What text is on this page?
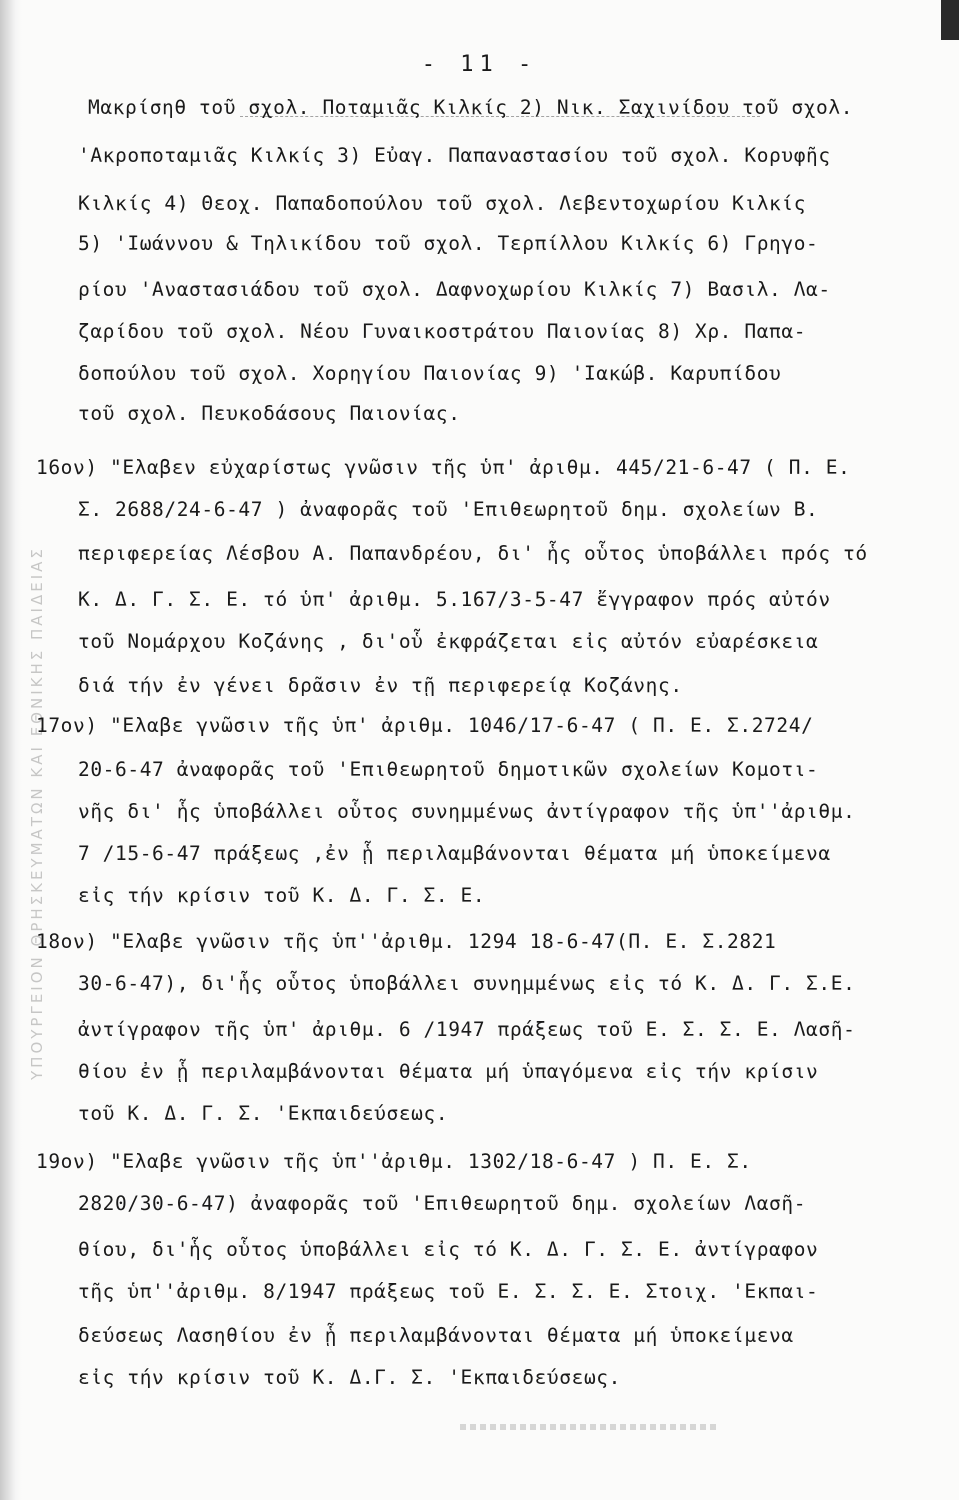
ΥΠΟΥΡΓΕΙΟΝ ΘΡΗΣΚΕΥΜΑΤΩΝ ΚΑΙ ΕΘΝΙΚΗΣ ΠΑΙΔΕΙΑΣ
- 11 -
Μακρίσηθ τοῦ σχολ. Ποταμιᾶς Κιλκίς 2) Νικ. Σαχινίδου τοῦ σχολ.
'Ακροποταμιᾶς Κιλκίς 3) Εὐαγ. Παπαναστασίου τοῦ σχολ. Κορυφῆς
Κιλκίς 4) Θεοχ. Παπαδοπούλου τοῦ σχολ. Λεβεντοχωρίου Κιλκίς
5) 'Ιωάννου & Τηλικίδου τοῦ σχολ. Τερπίλλου Κιλκίς 6) Γρηγο-
ρίου 'Αναστασιάδου τοῦ σχολ. Δαφνοχωρίου Κιλκίς 7) Βασιλ. Λα-
ζαρίδου τοῦ σχολ. Νέου Γυναικοστράτου Παιονίας 8) Χρ. Παπα-
δοπούλου τοῦ σχολ. Χορηγίου Παιονίας 9) 'Ιακώβ. Καρυπίδου
τοῦ σχολ. Πευκοδάσους Παιονίας.
16ον) "Ελαβεν εὐχαρίστως γνῶσιν τῆς ὑπ' ἀριθμ. 445/21-6-47 ( Π. Ε.
Σ. 2688/24-6-47 ) ἀναφορᾶς τοῦ 'Επιθεωρητοῦ δημ. σχολείων Β.
περιφερείας Λέσβου Α. Παπανδρέου, δι' ἧς οὗτος ὑποβάλλει πρός τό
Κ. Δ. Γ. Σ. Ε. τό ὑπ' ἀριθμ. 5.167/3-5-47 ἔγγραφον πρός αὐτόν
τοῦ Νομάρχου Κοζάνης , δι'οὗ ἐκφράζεται εἰς αὐτόν εὐαρέσκεια
διά τήν ἐν γένει δρᾶσιν ἐν τῇ περιφερείᾳ Κοζάνης.
17ον) "Ελαβε γνῶσιν τῆς ὑπ' ἀριθμ. 1046/17-6-47 ( Π. Ε. Σ.2724/
20-6-47 ἀναφορᾶς τοῦ 'Επιθεωρητοῦ δημοτικῶν σχολείων Κομοτι-
νῆς δι' ἧς ὑποβάλλει οὗτος συνημμένως ἀντίγραφον τῆς ὑπ''ἀριθμ.
7 /15-6-47 πράξεως ,ἐν ᾗ περιλαμβάνονται θέματα μή ὑποκείμενα
εἰς τήν κρίσιν τοῦ Κ. Δ. Γ. Σ. Ε.
18ον) "Ελαβε γνῶσιν τῆς ὑπ''ἀριθμ. 1294 18-6-47(Π. Ε. Σ.2821
30-6-47), δι'ἧς οὗτος ὑποβάλλει συνημμένως εἰς τό Κ. Δ. Γ. Σ.Ε.
ἀντίγραφον τῆς ὑπ' ἀριθμ. 6 /1947 πράξεως τοῦ Ε. Σ. Σ. Ε. Λασῆ-
θίου ἐν ᾗ περιλαμβάνονται θέματα μή ὑπαγόμενα εἰς τήν κρίσιν
τοῦ Κ. Δ. Γ. Σ. 'Εκπαιδεύσεως.
19ον) "Ελαβε γνῶσιν τῆς ὑπ''ἀριθμ. 1302/18-6-47 ) Π. Ε. Σ.
2820/30-6-47) ἀναφορᾶς τοῦ 'Επιθεωρητοῦ δημ. σχολείων Λασῆ-
θίου, δι'ἧς οὗτος ὑποβάλλει εἰς τό Κ. Δ. Γ. Σ. Ε. ἀντίγραφον
τῆς ὑπ''ἀριθμ. 8/1947 πράξεως τοῦ Ε. Σ. Σ. Ε. Στοιχ. 'Εκπαι-
δεύσεως Λασηθίου ἐν ᾗ περιλαμβάνονται θέματα μή ὑποκείμενα
εἰς τήν κρίσιν τοῦ Κ. Δ.Γ. Σ. 'Εκπαιδεύσεως.
